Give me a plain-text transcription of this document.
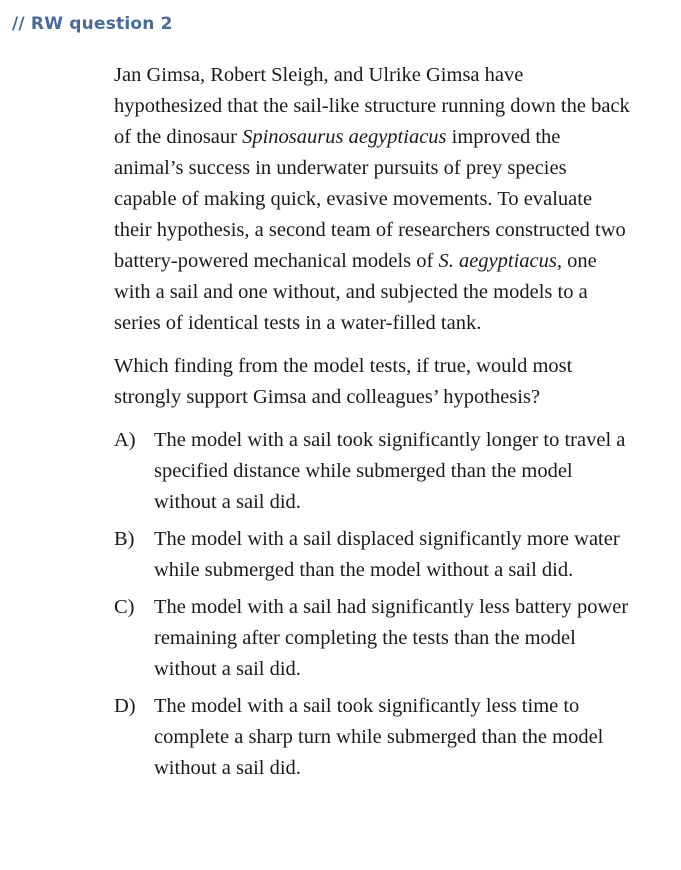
// RW question 2

Jan Gimsa, Robert Sleigh, and Ulrike Gimsa have hypothesized that the sail-like structure running down the back of the dinosaur Spinosaurus aegyptiacus improved the animal’s success in underwater pursuits of prey species capable of making quick, evasive movements. To evaluate their hypothesis, a second team of researchers constructed two battery-powered mechanical models of S. aegyptiacus, one with a sail and one without, and subjected the models to a series of identical tests in a water-filled tank.

Which finding from the model tests, if true, would most strongly support Gimsa and colleagues’ hypothesis?

A) The model with a sail took significantly longer to travel a specified distance while submerged than the model without a sail did.
B) The model with a sail displaced significantly more water while submerged than the model without a sail did.
C) The model with a sail had significantly less battery power remaining after completing the tests than the model without a sail did.
D) The model with a sail took significantly less time to complete a sharp turn while submerged than the model without a sail did.
